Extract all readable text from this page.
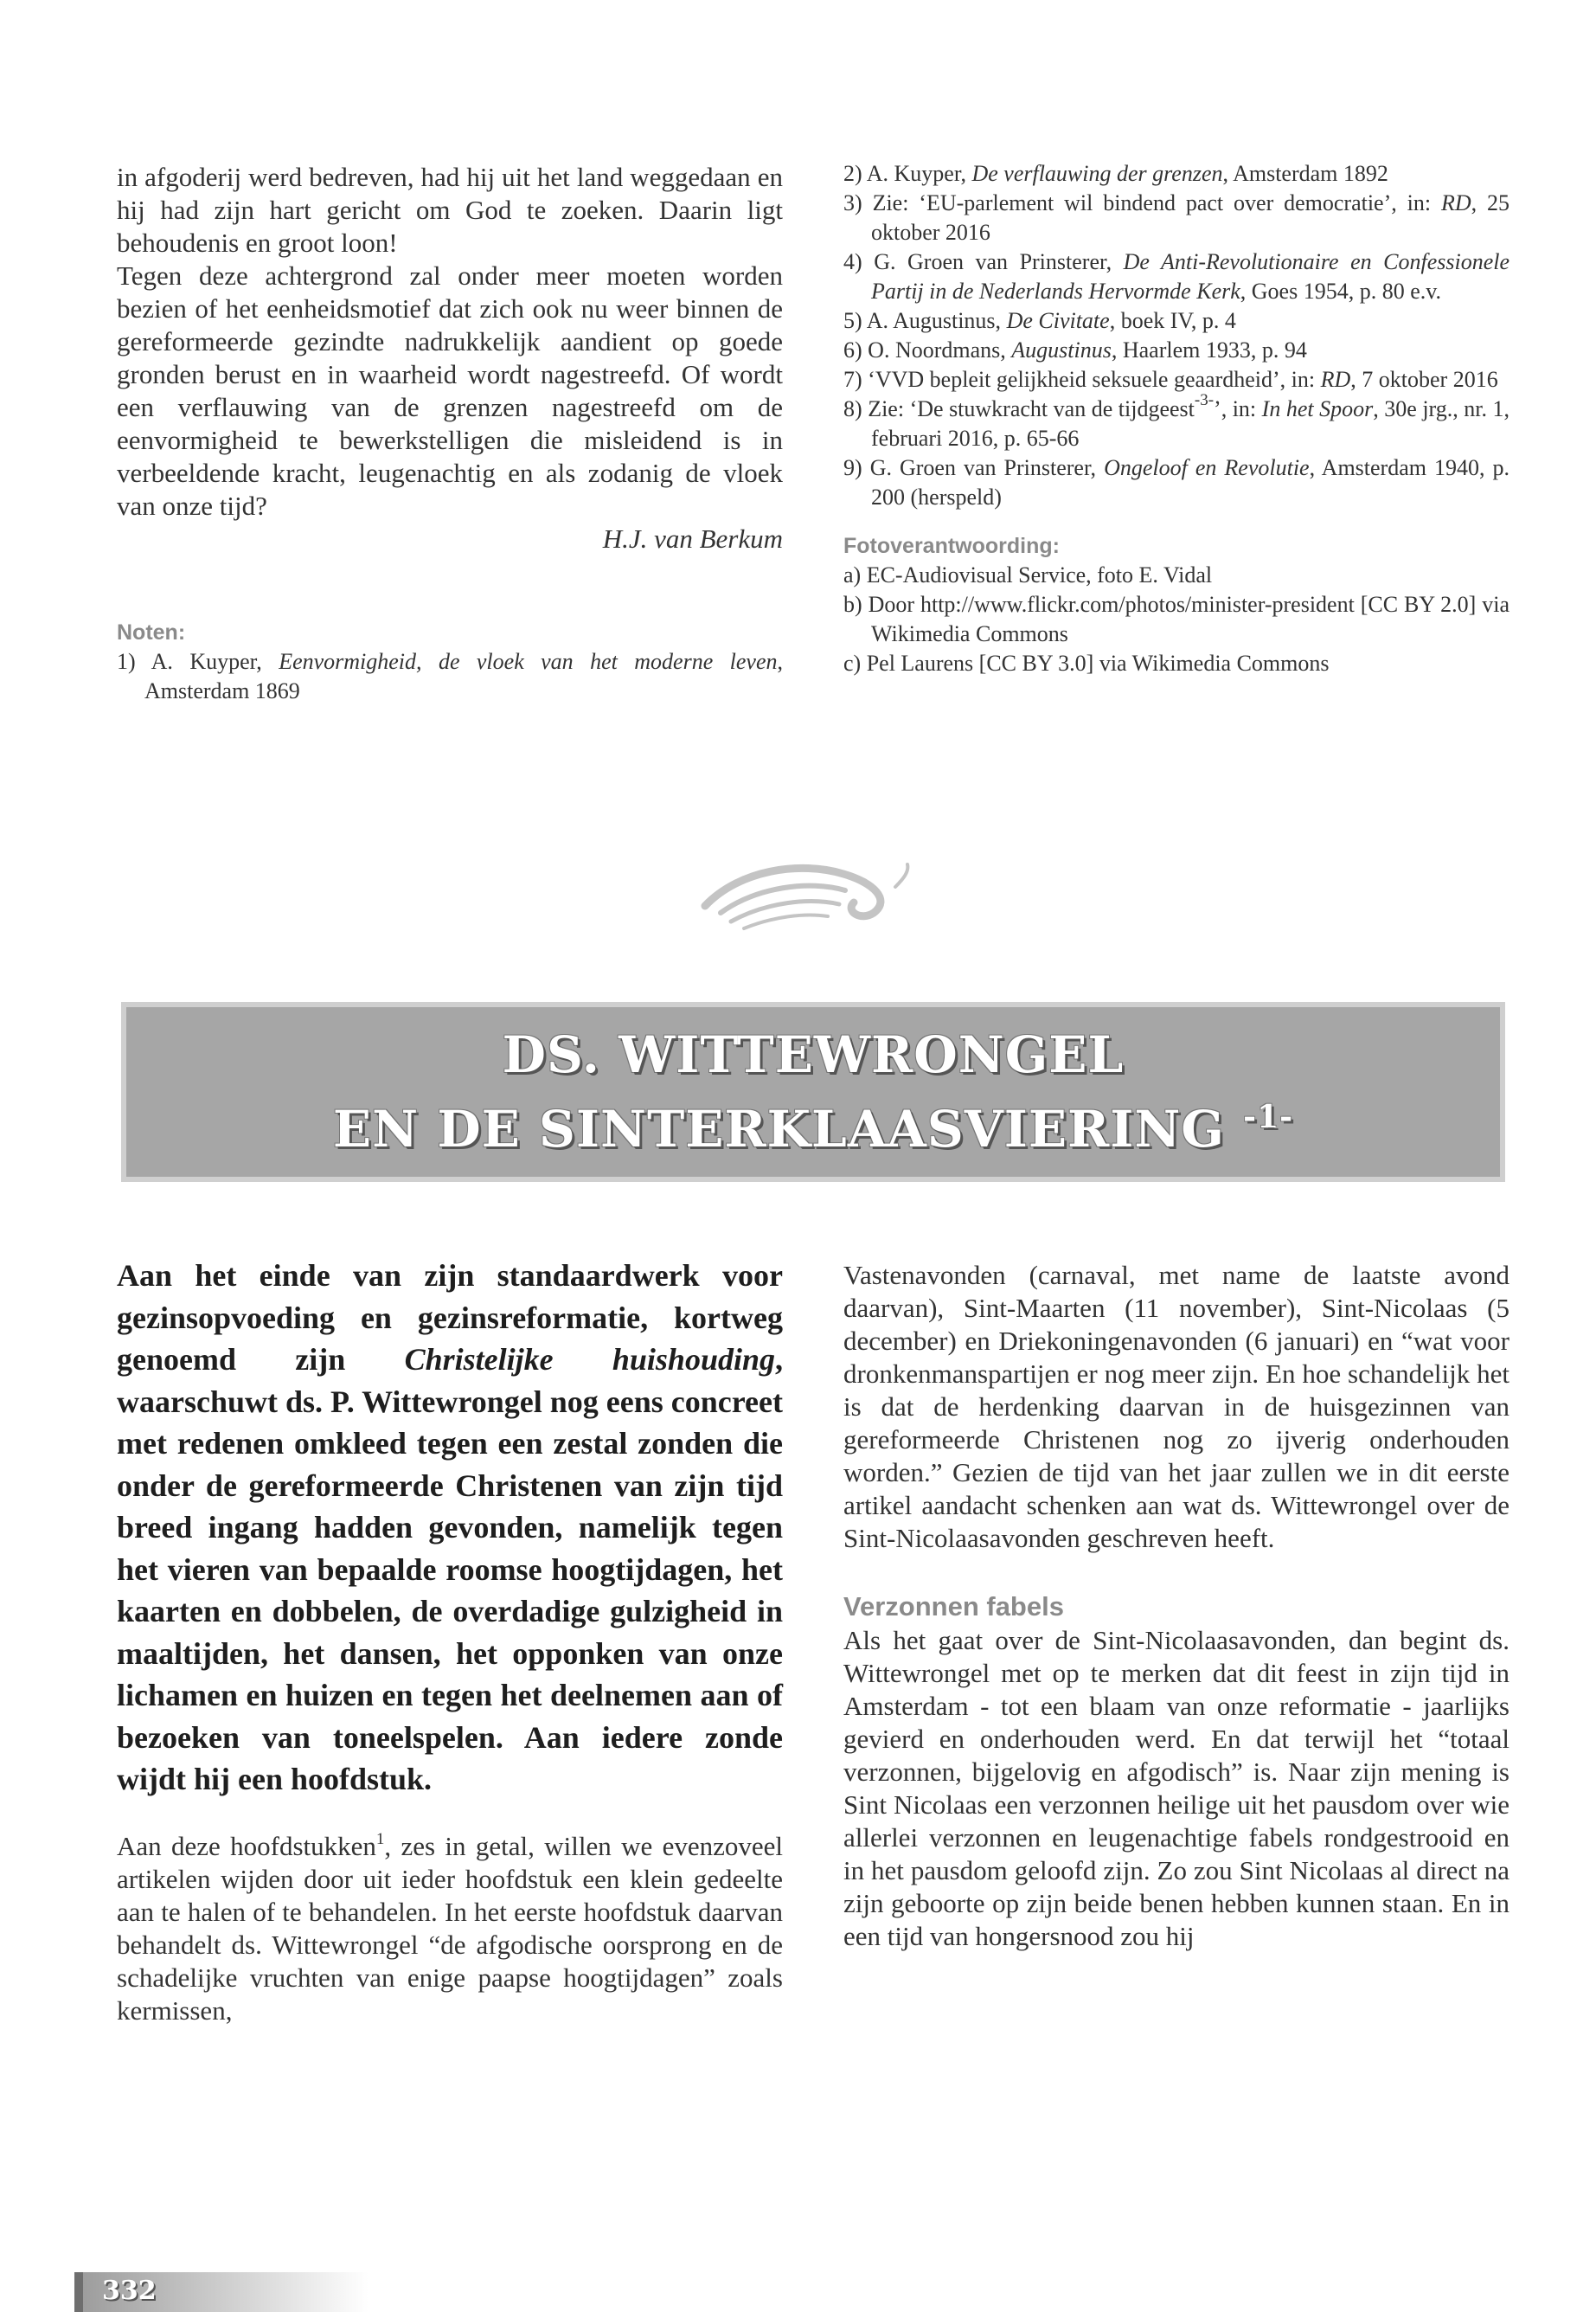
in afgoderij werd bedreven, had hij uit het land weggedaan en hij had zijn hart gericht om God te zoeken. Daarin ligt behoudenis en groot loon!

Tegen deze achtergrond zal onder meer moeten worden bezien of het eenheidsmotief dat zich ook nu weer binnen de gereformeerde gezindte nadrukkelijk aandient op goede gronden berust en in waarheid wordt nagestreefd. Of wordt een verflauwing van de grenzen nagestreefd om de eenvormigheid te bewerkstelligen die misleidend is in verbeeldende kracht, leugenachtig en als zodanig de vloek van onze tijd?

H.J. van Berkum

Noten:
1) A. Kuyper, Eenvormigheid, de vloek van het moderne leven, Amsterdam 1869
2) A. Kuyper, De verflauwing der grenzen, Amsterdam 1892
3) Zie: ‘EU-parlement wil bindend pact over democratie’, in: RD, 25 oktober 2016
4) G. Groen van Prinsterer, De Anti-Revolutionaire en Confessionele Partij in de Nederlands Hervormde Kerk, Goes 1954, p. 80 e.v.
5) A. Augustinus, De Civitate, boek IV, p. 4
6) O. Noordmans, Augustinus, Haarlem 1933, p. 94
7) ‘VVD bepleit gelijkheid seksuele geaardheid’, in: RD, 7 oktober 2016
8) Zie: ‘De stuwkracht van de tijdgeest$^{-3-}$’, in: In het Spoor, 30e jrg., nr. 1, februari 2016, p. 65-66
9) G. Groen van Prinsterer, Ongeloof en Revolutie, Amsterdam 1940, p. 200 (herspeld)
Fotoverantwoording:
a) EC-Audiovisual Service, foto E. Vidal
b) Door http://www.flickr.com/photos/minister-president [CC BY 2.0] via Wikimedia Commons
c) Pel Laurens [CC BY 3.0] via Wikimedia Commons
DS. WITTEWRONGEL
EN DE SINTERKLAASVIERING $^{-1-}$
Aan het einde van zijn standaardwerk voor gezinsopvoeding en gezinsreformatie, kortweg genoemd zijn Christelijke huishouding, waarschuwt ds. P. Wittewrongel nog eens concreet met redenen omkleed tegen een zestal zonden die onder de gereformeerde Christenen van zijn tijd breed ingang hadden gevonden, namelijk tegen het vieren van bepaalde roomse hoogtijdagen, het kaarten en dobbelen, de overdadige gulzigheid in maaltijden, het dansen, het opponken van onze lichamen en huizen en tegen het deelnemen aan of bezoeken van toneelspelen. Aan iedere zonde wijdt hij een hoofdstuk.
Aan deze hoofdstukken$^1$, zes in getal, willen we evenzoveel artikelen wijden door uit ieder hoofdstuk een klein gedeelte aan te halen of te behandelen. In het eerste hoofdstuk daarvan behandelt ds. Wittewrongel “de afgodische oorsprong en de schadelijke vruchten van enige paapse hoogtijdagen” zoals kermissen,
Vastenavonden (carnaval, met name de laatste avond daarvan), Sint-Maarten (11 november), Sint-Nicolaas (5 december) en Driekoningenavonden (6 januari) en “wat voor dronkenmanspartijen er nog meer zijn. En hoe schandelijk het is dat de herdenking daarvan in de huisgezinnen van gereformeerde Christenen nog zo ijverig onderhouden worden.” Gezien de tijd van het jaar zullen we in dit eerste artikel aandacht schenken aan wat ds. Wittewrongel over de Sint-Nicolaasavonden geschreven heeft.
Verzonnen fabels
Als het gaat over de Sint-Nicolaasavonden, dan begint ds. Wittewrongel met op te merken dat dit feest in zijn tijd in Amsterdam - tot een blaam van onze reformatie - jaarlijks gevierd en onderhouden werd. En dat terwijl het “totaal verzonnen, bijgelovig en afgodisch” is. Naar zijn mening is Sint Nicolaas een verzonnen heilige uit het pausdom over wie allerlei verzonnen en leugenachtige fabels rondgestrooid en in het pausdom geloofd zijn. Zo zou Sint Nicolaas al direct na zijn geboorte op zijn beide benen hebben kunnen staan. En in een tijd van hongersnood zou hij
332
